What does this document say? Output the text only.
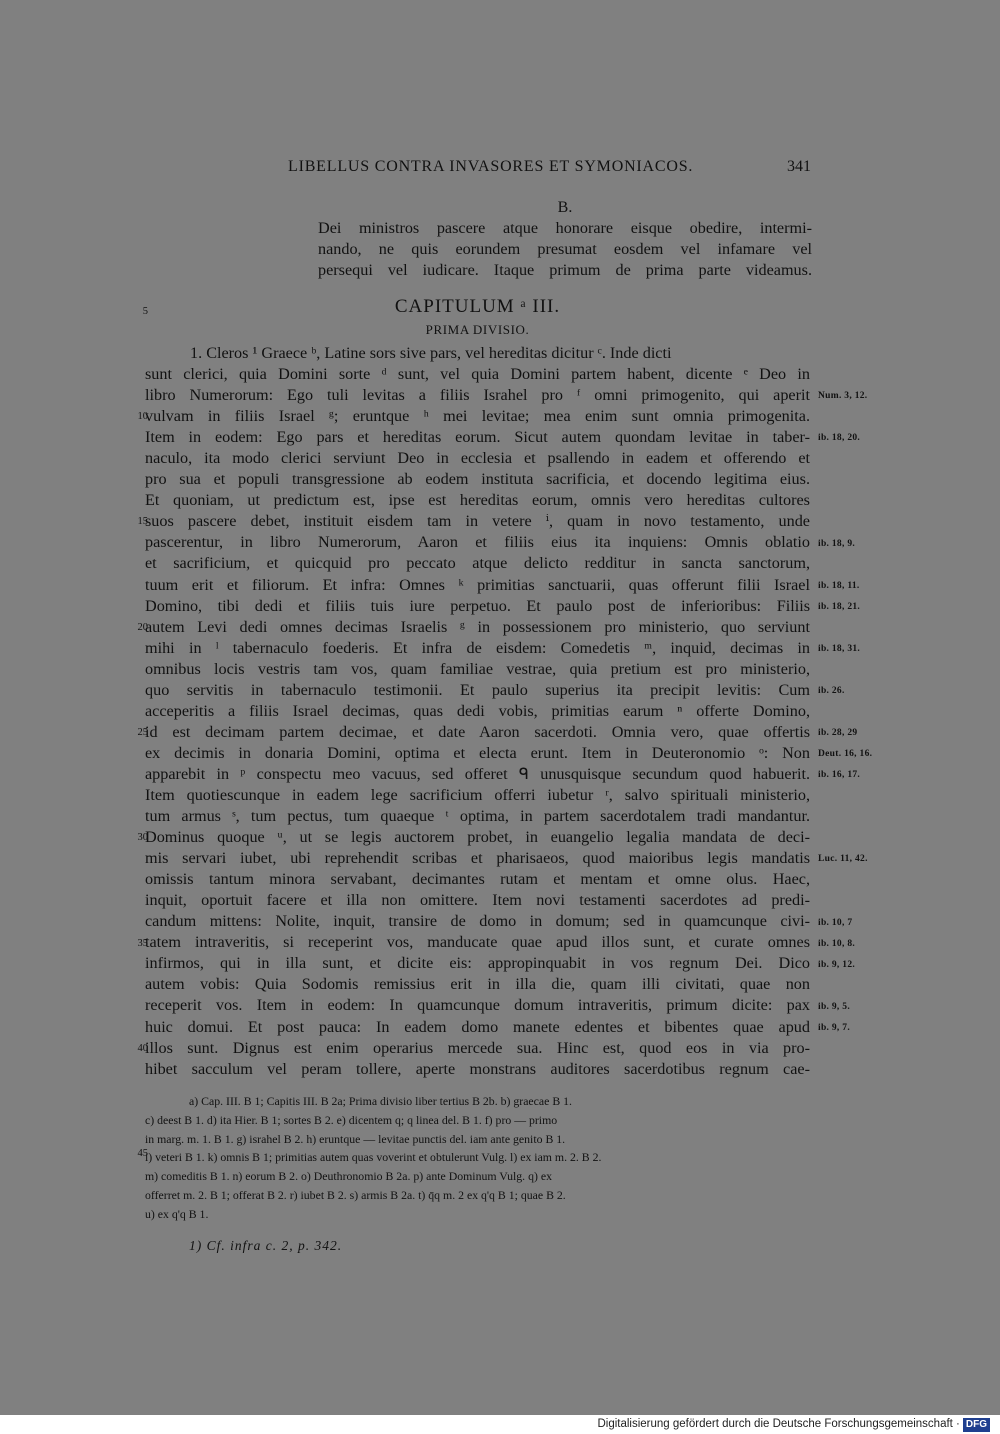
LIBELLUS CONTRA INVASORES ET SYMONIACOS.	341
B.
Dei ministros pascere atque honorare eisque obedire, intermi-
nando, ne quis eorundem presumat eosdem vel infamare vel
persequi vel iudicare. Itaque primum de prima parte videamus.
CAPITULUM ᵃ III.
PRIMA DIVISIO.
1. Cleros ¹ Graece ᵇ, Latine sors sive pars, vel hereditas dicitur ᶜ. Inde dicti
sunt clerici, quia Domini sorte ᵈ sunt, vel quia Domini partem habent, dicente ᵉ Deo in
libro Numerorum: Ego tuli levitas a filiis Israhel pro ᶠ omni primogenito, qui aperit
vulvam in filiis Israel ᵍ; eruntque ʰ mei levitae; mea enim sunt omnia primogenita.
Item in eodem: Ego pars et hereditas eorum. Sicut autem quondam levitae in taber-
naculo, ita modo clerici serviunt Deo in ecclesia et psallendo in eadem et offerendo et
pro sua et populi transgressione ab eodem instituta sacrificia, et docendo legitima eius.
Et quoniam, ut predictum est, ipse est hereditas eorum, omnis vero hereditas cultores
suos pascere debet, instituit eisdem tam in vetere ⁱ, quam in novo testamento, unde
pascerentur, in libro Numerorum, Aaron et filiis eius ita inquiens: Omnis oblatio
et sacrificium, et quicquid pro peccato atque delicto redditur in sancta sanctorum,
tuum erit et filiorum. Et infra: Omnes ᵏ primitias sanctuarii, quas offerunt filii Israel
Domino, tibi dedi et filiis tuis iure perpetuo. Et paulo post de inferioribus: Filiis
autem Levi dedi omnes decimas Israelis ᵍ in possessionem pro ministerio, quo serviunt
mihi in ˡ tabernaculo foederis. Et infra de eisdem: Comedetis ᵐ, inquid, decimas in
omnibus locis vestris tam vos, quam familiae vestrae, quia pretium est pro ministerio,
quo servitis in tabernaculo testimonii. Et paulo superius ita precipit levitis: Cum
acceperitis a filiis Israel decimas, quas dedi vobis, primitias earum ⁿ offerte Domino,
id est decimam partem decimae, et date Aaron sacerdoti. Omnia vero, quae offertis
ex decimis in donaria Domini, optima et electa erunt. Item in Deuteronomio ᵒ: Non
apparebit in ᵖ conspectu meo vacuus, sed offeret ᑫ unusquisque secundum quod habuerit.
Item quotiescunque in eadem lege sacrificium offerri iubetur ʳ, salvo spirituali ministerio,
tum armus ˢ, tum pectus, tum quaeque ᵗ optima, in partem sacerdotalem tradi mandantur.
Dominus quoque ᵘ, ut se legis auctorem probet, in euangelio legalia mandata de deci-
mis servari iubet, ubi reprehendit scribas et pharisaeos, quod maioribus legis mandatis
omissis tantum minora servabant, decimantes rutam et mentam et omne olus. Haec,
inquit, oportuit facere et illa non omittere. Item novi testamenti sacerdotes ad predi-
candum mittens: Nolite, inquit, transire de domo in domum; sed in quamcunque civi-
tatem intraveritis, si receperint vos, manducate quae apud illos sunt, et curate omnes
infirmos, qui in illa sunt, et dicite eis: appropinquabit in vos regnum Dei. Dico
autem vobis: Quia Sodomis remissius erit in illa die, quam illi civitati, quae non
receperit vos. Item in eodem: In quamcunque domum intraveritis, primum dicite: pax
huic domui. Et post pauca: In eadem domo manete edentes et bibentes quae apud
illos sunt. Dignus est enim operarius mercede sua. Hinc est, quod eos in via pro-
hibet sacculum vel peram tollere, aperte monstrans auditores sacerdotibus regnum cae-
5
10
15
20
25
30
35
40
Num. 3, 12.
ib. 18, 20.
ib. 18, 9.
ib. 18, 11.
ib. 18, 21.
ib. 18, 31.
ib. 26.
ib. 28, 29
Deut. 16, 16.
ib. 16, 17.
Luc. 11, 42.
ib. 10, 7
ib. 10, 8.
ib. 9, 12.
ib. 9, 5.
ib. 9, 7.
a) Cap. III. B 1; Capitis III. B 2a; Prima divisio liber tertius B 2b. b) graecae B 1.
c) deest B 1. d) ita Hier. B 1; sortes B 2. e) dicentem q; q linea del. B 1. f) pro — primo
in marg. m. 1. B 1. g) israhel B 2. h) eruntque — levitae punctis del. iam ante genito B 1.
i) veteri B 1. k) omnis B 1; primitias autem quas voverint et obtulerunt Vulg. l) ex iam m. 2. B 2.
m) comeditis B 1. n) eorum B 2. o) Deuthronomio B 2a. p) ante Dominum Vulg. q) ex
offerret m. 2. B 1; offerat B 2. r) iubet B 2. s) armis B 2a. t) q̄q m. 2 ex q'q B 1; quae B 2.
u) ex q'q B 1.
45
1) Cf. infra c. 2, p. 342.
Digitalisierung gefördert durch die Deutsche Forschungsgemeinschaft · DFG
